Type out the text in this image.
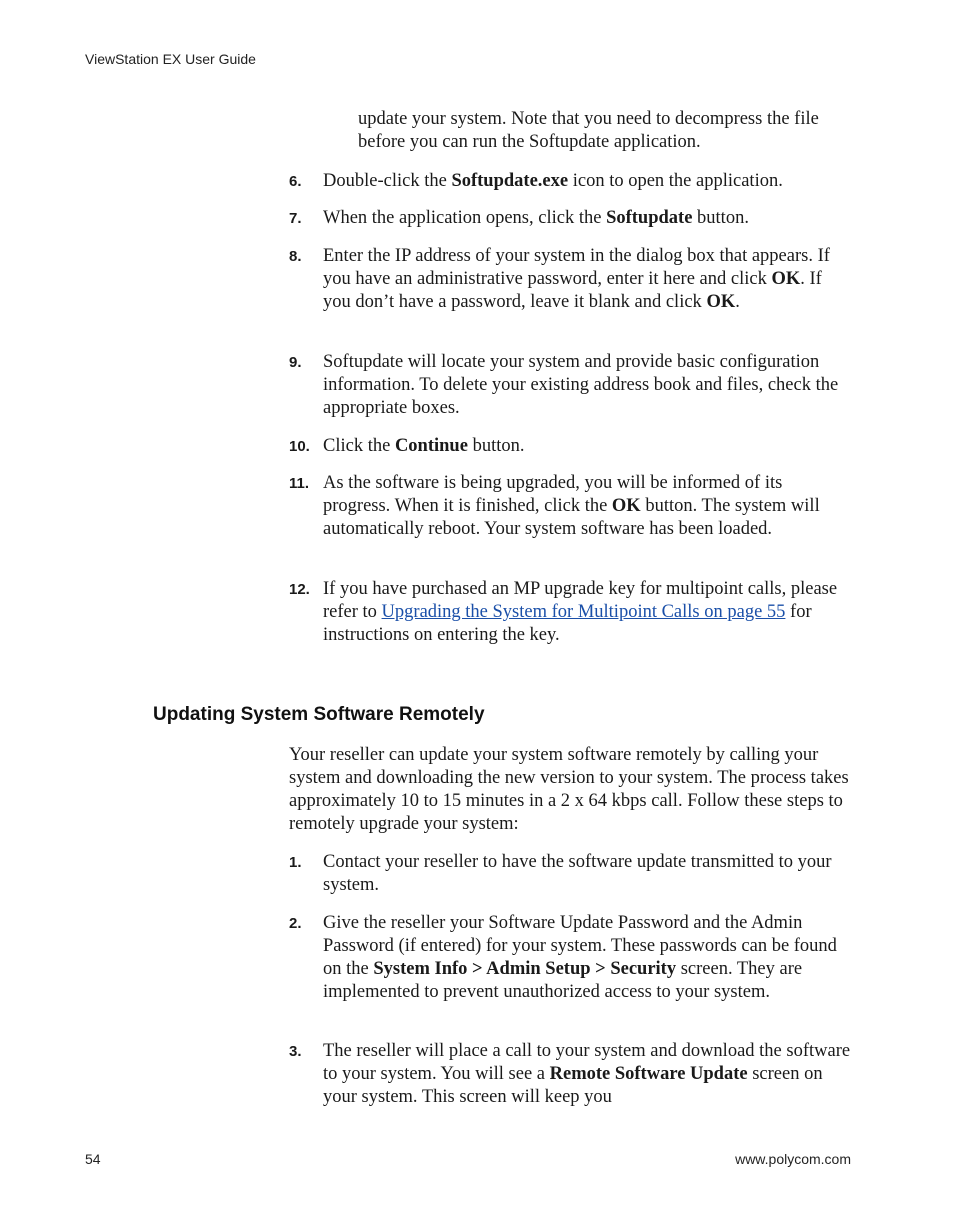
ViewStation EX User Guide

update your system. Note that you need to decompress the file before you can run the Softupdate application.

6. Double-click the Softupdate.exe icon to open the application.
7. When the application opens, click the Softupdate button.
8. Enter the IP address of your system in the dialog box that appears. If you have an administrative password, enter it here and click OK. If you don’t have a password, leave it blank and click OK.
9. Softupdate will locate your system and provide basic configuration information. To delete your existing address book and files, check the appropriate boxes.
10. Click the Continue button.
11. As the software is being upgraded, you will be informed of its progress. When it is finished, click the OK button. The system will automatically reboot. Your system software has been loaded.
12. If you have purchased an MP upgrade key for multipoint calls, please refer to Upgrading the System for Multipoint Calls on page 55 for instructions on entering the key.
Updating System Software Remotely

Your reseller can update your system software remotely by calling your system and downloading the new version to your system. The process takes approximately 10 to 15 minutes in a 2 x 64 kbps call. Follow these steps to remotely upgrade your system:

1. Contact your reseller to have the software update transmitted to your system.
2. Give the reseller your Software Update Password and the Admin Password (if entered) for your system. These passwords can be found on the System Info > Admin Setup > Security screen. They are implemented to prevent unauthorized access to your system.
3. The reseller will place a call to your system and download the software to your system. You will see a Remote Software Update screen on your system. This screen will keep you
54	www.polycom.com
